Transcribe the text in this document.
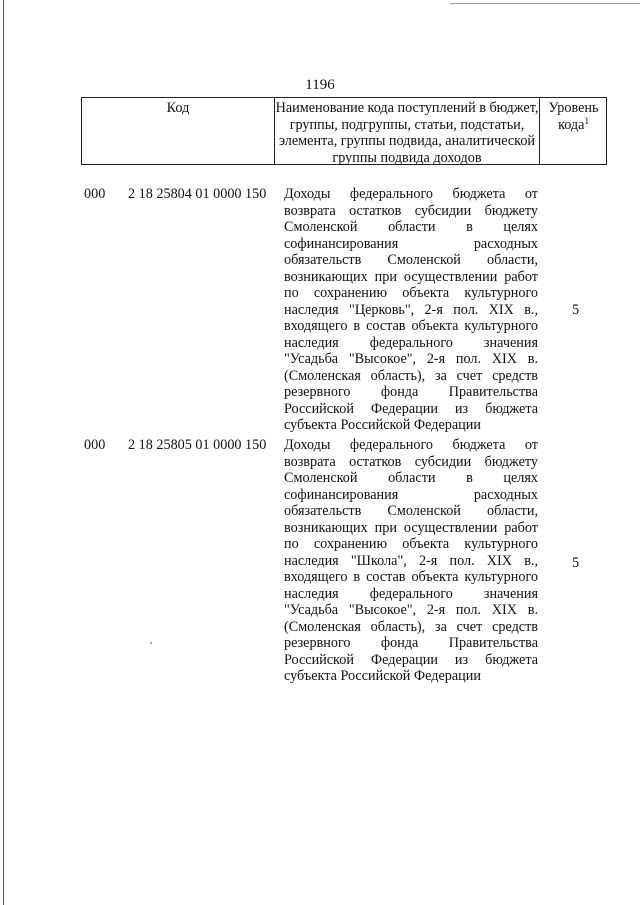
1196
Код	Наименование кода поступлений в бюджет, группы, подгруппы, статьи, подстатьи, элемента, группы подвида, аналитической группы подвида доходов
Уровень кода$^1$
000 2 18 25804 01 0000 150 Доходы федерального бюджета от возврата остатков субсидии бюджету Смоленской области в целях софинансирования расходных обязательств Смоленской области, возникающих при осуществлении работ по сохранению объекта культурного наследия "Церковь", 2-я пол. XIX в., входящего в состав объекта культурного наследия федерального значения "Усадьба "Высокое", 2-я пол. XIX в. (Смоленская область), за счет средств резервного фонда Правительства Российской Федерации из бюджета субъекта Российской Федерации
5
000 2 18 25805 01 0000 150 Доходы федерального бюджета от возврата остатков субсидии бюджету Смоленской области в целях софинансирования расходных обязательств Смоленской области, возникающих при осуществлении работ по сохранению объекта культурного наследия "Школа", 2-я пол. XIX в., входящего в состав объекта культурного наследия федерального значения "Усадьба "Высокое", 2-я пол. XIX в. (Смоленская область), за счет средств резервного фонда Правительства Российской Федерации из бюджета субъекта Российской Федерации
5
